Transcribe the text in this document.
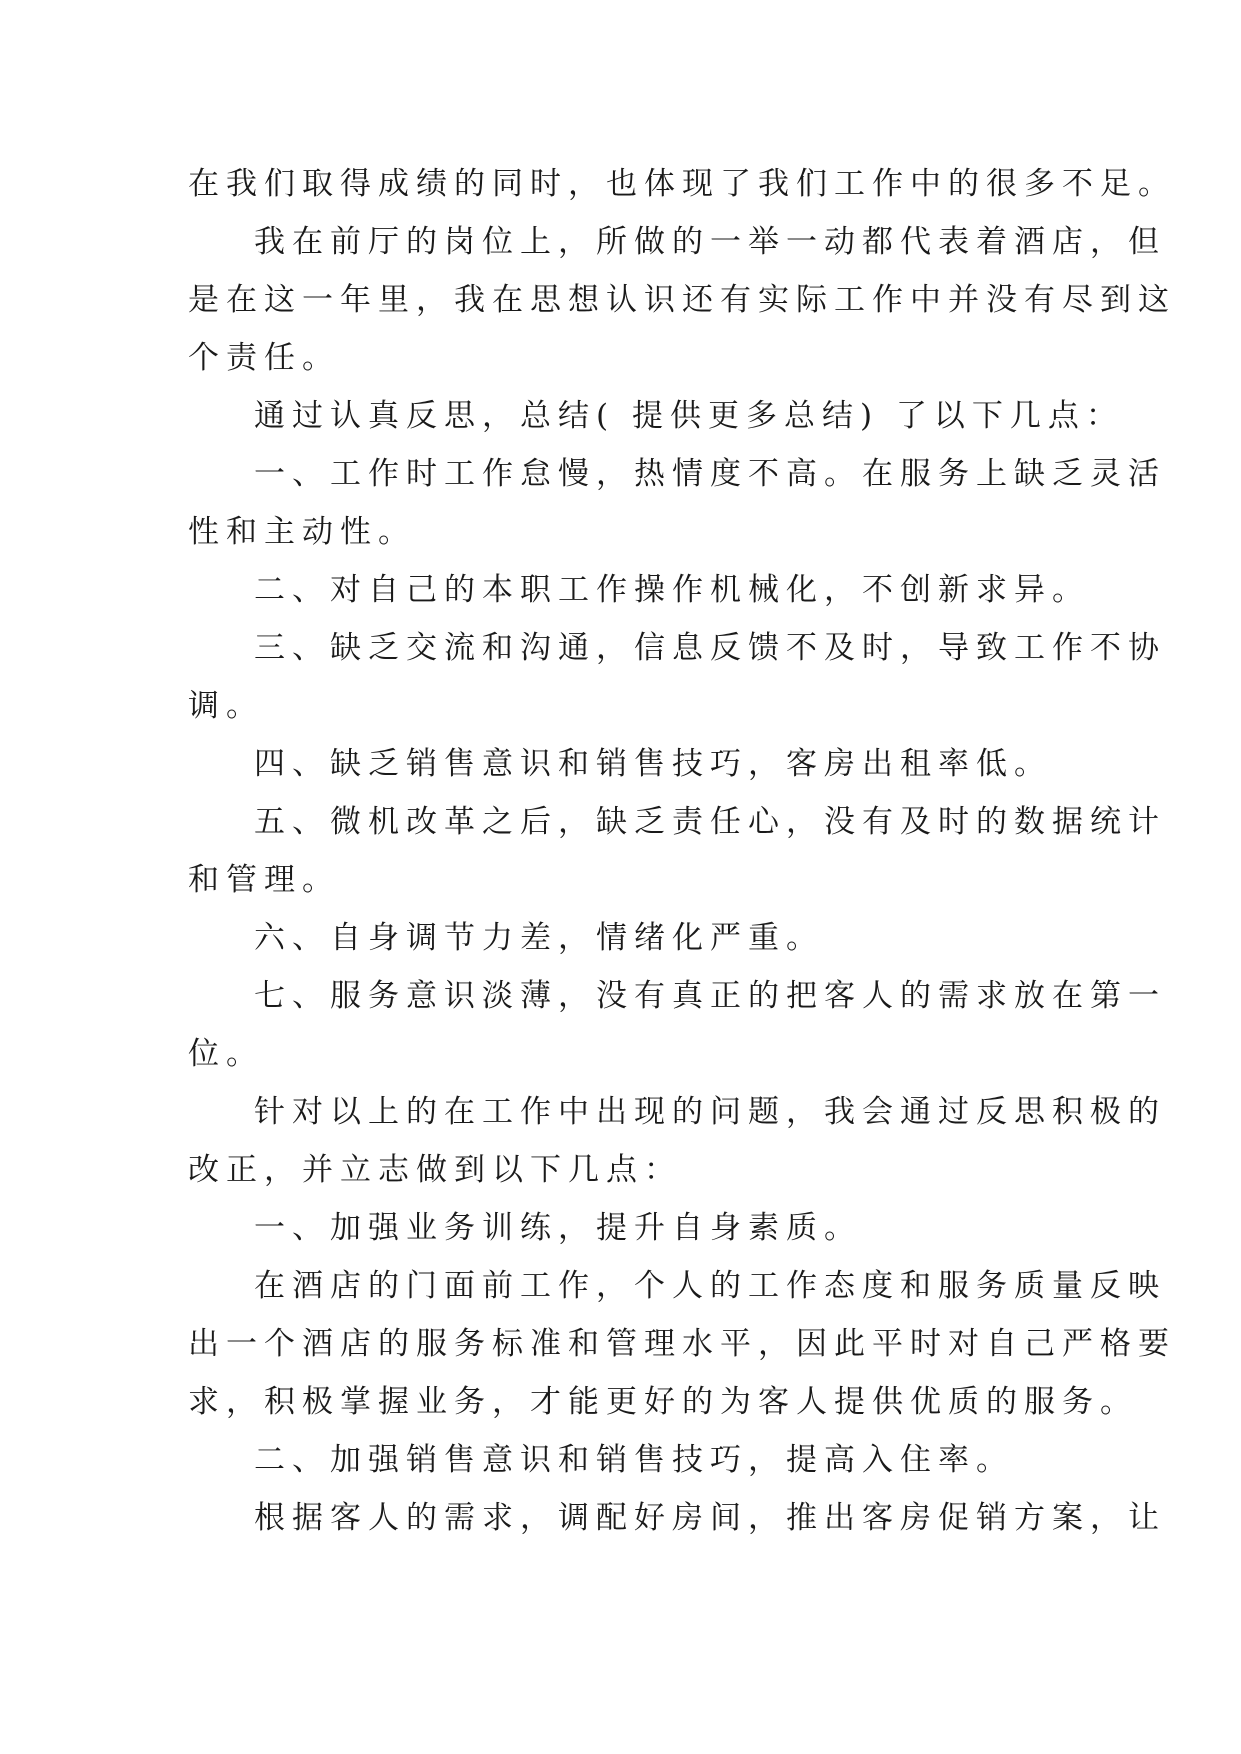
在我们取得成绩的同时，也体现了我们工作中的很多不足。
我在前厅的岗位上，所做的一举一动都代表着酒店，但
是在这一年里，我在思想认识还有实际工作中并没有尽到这
个责任。
通过认真反思，总结( 提供更多总结) 了以下几点：
一、工作时工作怠慢，热情度不高。在服务上缺乏灵活
性和主动性。
二、对自己的本职工作操作机械化，不创新求异。
三、缺乏交流和沟通，信息反馈不及时，导致工作不协
调。
四、缺乏销售意识和销售技巧，客房出租率低。
五、微机改革之后，缺乏责任心，没有及时的数据统计
和管理。
六、自身调节力差，情绪化严重。
七、服务意识淡薄，没有真正的把客人的需求放在第一
位。
针对以上的在工作中出现的问题，我会通过反思积极的
改正，并立志做到以下几点：
一、加强业务训练，提升自身素质。
在酒店的门面前工作，个人的工作态度和服务质量反映
出一个酒店的服务标准和管理水平，因此平时对自己严格要
求，积极掌握业务，才能更好的为客人提供优质的服务。
二、加强销售意识和销售技巧，提高入住率。
根据客人的需求，调配好房间，推出客房促销方案，让
